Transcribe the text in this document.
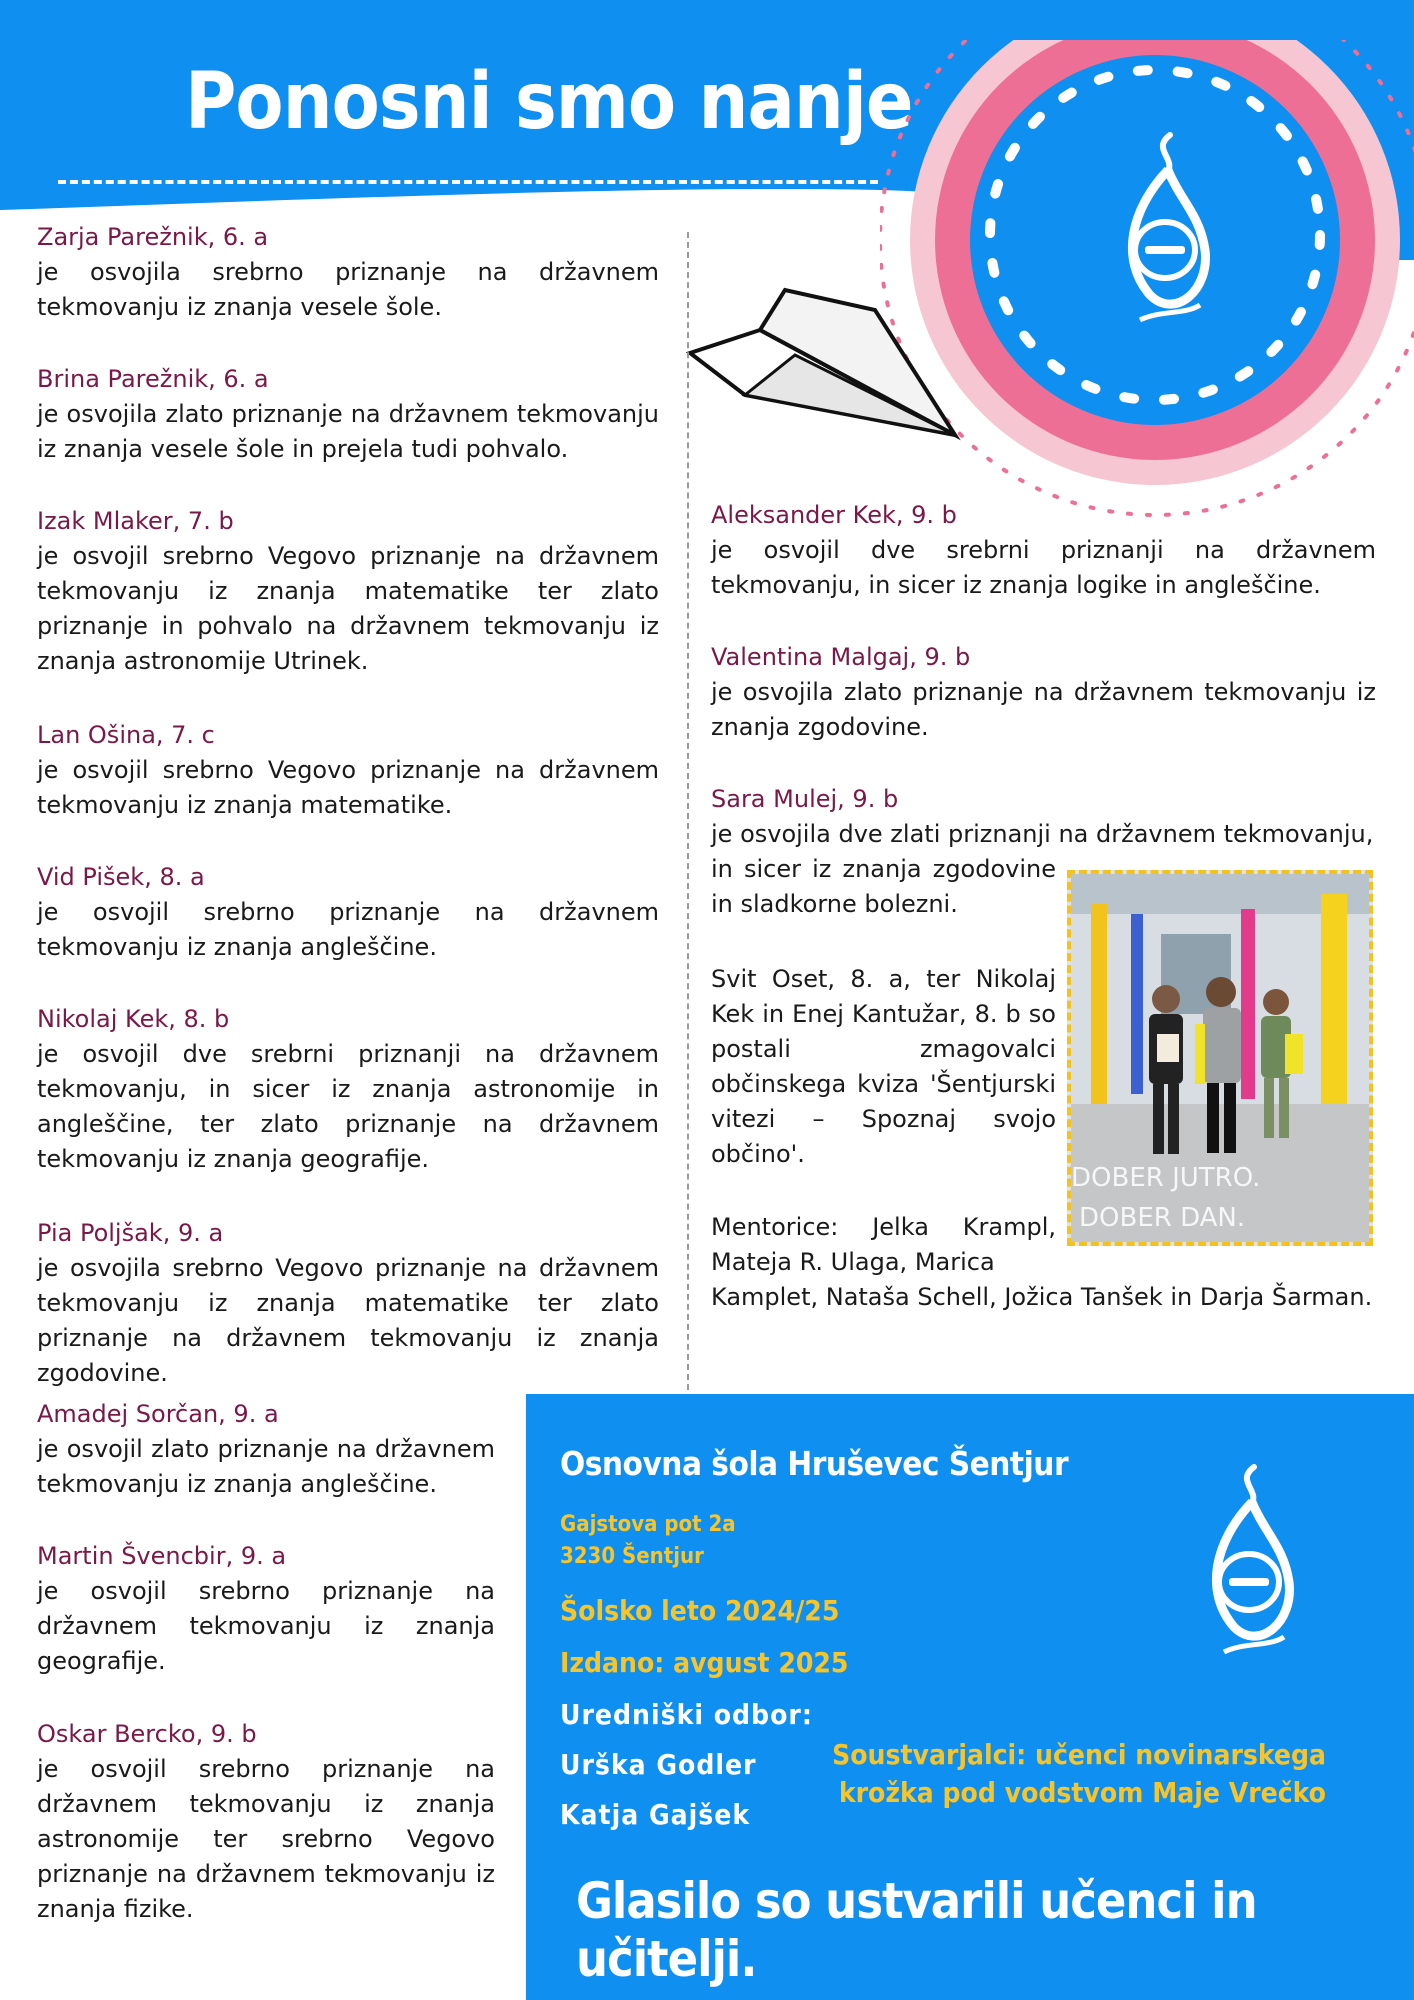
Ponosni smo nanje
Zarja Parežnik, 6. a
je osvojila srebrno priznanje na državnem tekmovanju iz znanja vesele šole.
Brina Parežnik, 6. a
je osvojila zlato priznanje na državnem tekmovanju iz znanja vesele šole in prejela tudi pohvalo.
Izak Mlaker, 7. b
je osvojil srebrno Vegovo priznanje na državnem tekmovanju iz znanja matematike ter zlato priznanje in pohvalo na državnem tekmovanju iz znanja astronomije Utrinek.
Lan Ošina, 7. c
je osvojil srebrno Vegovo priznanje na državnem tekmovanju iz znanja matematike.
Vid Pišek, 8. a
je osvojil srebrno priznanje na državnem tekmovanju iz znanja angleščine.
Nikolaj Kek, 8. b
je osvojil dve srebrni priznanji na državnem tekmovanju, in sicer iz znanja astronomije in angleščine, ter zlato priznanje na državnem tekmovanju iz znanja geografije.
Pia Poljšak, 9. a
je osvojila srebrno Vegovo priznanje na državnem tekmovanju iz znanja matematike ter zlato priznanje na državnem tekmovanju iz znanja zgodovine.
Amadej Sorčan, 9. a
je osvojil zlato priznanje na državnem tekmovanju iz znanja angleščine.
Martin Švencbir, 9. a
je osvojil srebrno priznanje na državnem tekmovanju iz znanja geografije.
Oskar Bercko, 9. b
je osvojil srebrno priznanje na državnem tekmovanju iz znanja astronomije ter srebrno Vegovo priznanje na državnem tekmovanju iz znanja fizike.
Aleksander Kek, 9. b
je osvojil dve srebrni priznanji na državnem tekmovanju, in sicer iz znanja logike in angleščine.
Valentina Malgaj, 9. b
je osvojila zlato priznanje na državnem tekmovanju iz znanja zgodovine.
Sara Mulej, 9. b
je osvojila dve zlati priznanji na državnem tekmovanju,
in sicer iz znanja zgodovine in sladkorne bolezni.
Svit Oset, 8. a, ter Nikolaj Kek in Enej Kantužar, 8. b so postali zmagovalci občinskega kviza 'Šentjurski vitezi – Spoznaj svojo občino'.
Mentorice: Jelka Krampl, Mateja R. Ulaga, Marica
Kamplet, Nataša Schell, Jožica Tanšek in Darja Šarman.
DOBER JUTRO.
DOBER DAN.
Osnovna šola Hruševec Šentjur
Gajstova pot 2a
3230 Šentjur
Šolsko leto 2024/25
Izdano: avgust 2025
Uredniški odbor:
Urška Godler
Katja Gajšek
Soustvarjalci: učenci novinarskega
krožka pod vodstvom Maje Vrečko
Glasilo so ustvarili učenci in učitelji.
